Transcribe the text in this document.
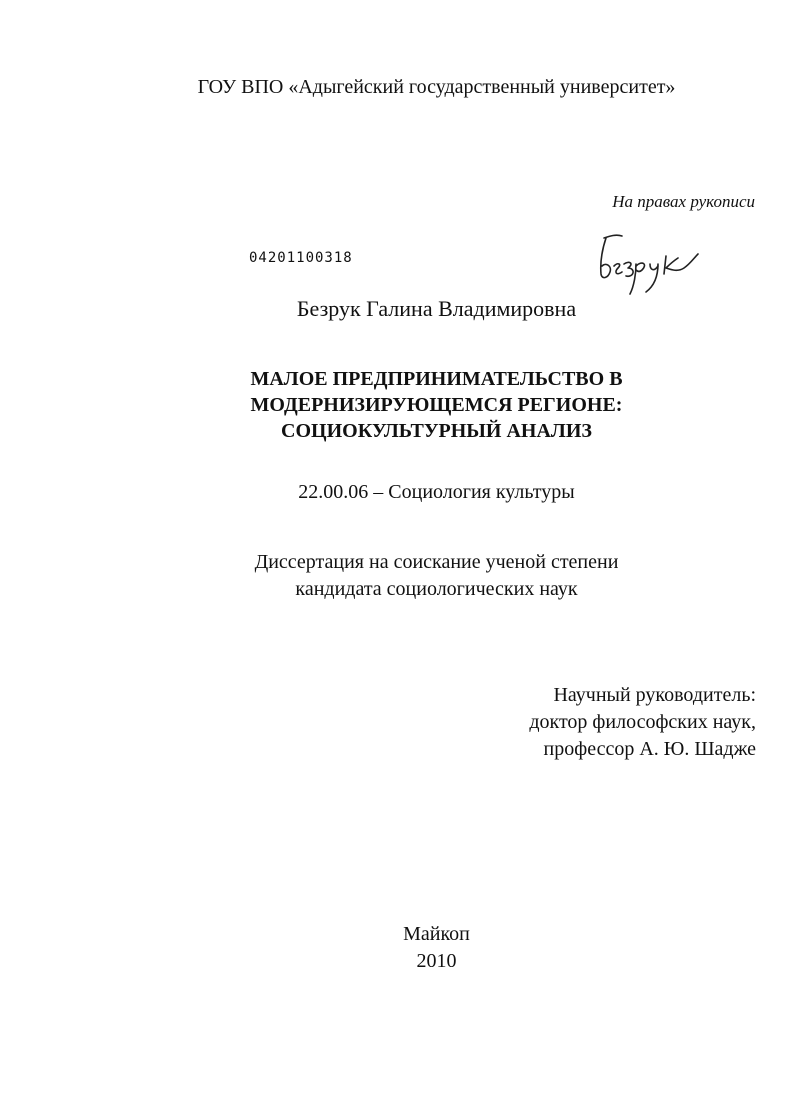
ГОУ ВПО «Адыгейский государственный университет»
На правах рукописи
04201100318
Безрук Галина Владимировна
МАЛОЕ ПРЕДПРИНИМАТЕЛЬСТВО В
МОДЕРНИЗИРУЮЩЕМСЯ РЕГИОНЕ:
СОЦИОКУЛЬТУРНЫЙ АНАЛИЗ
22.00.06 – Социология культуры
Диссертация на соискание ученой степени
кандидата социологических наук
Научный руководитель:
доктор философских наук,
профессор А. Ю. Шадже
Майкоп
2010
